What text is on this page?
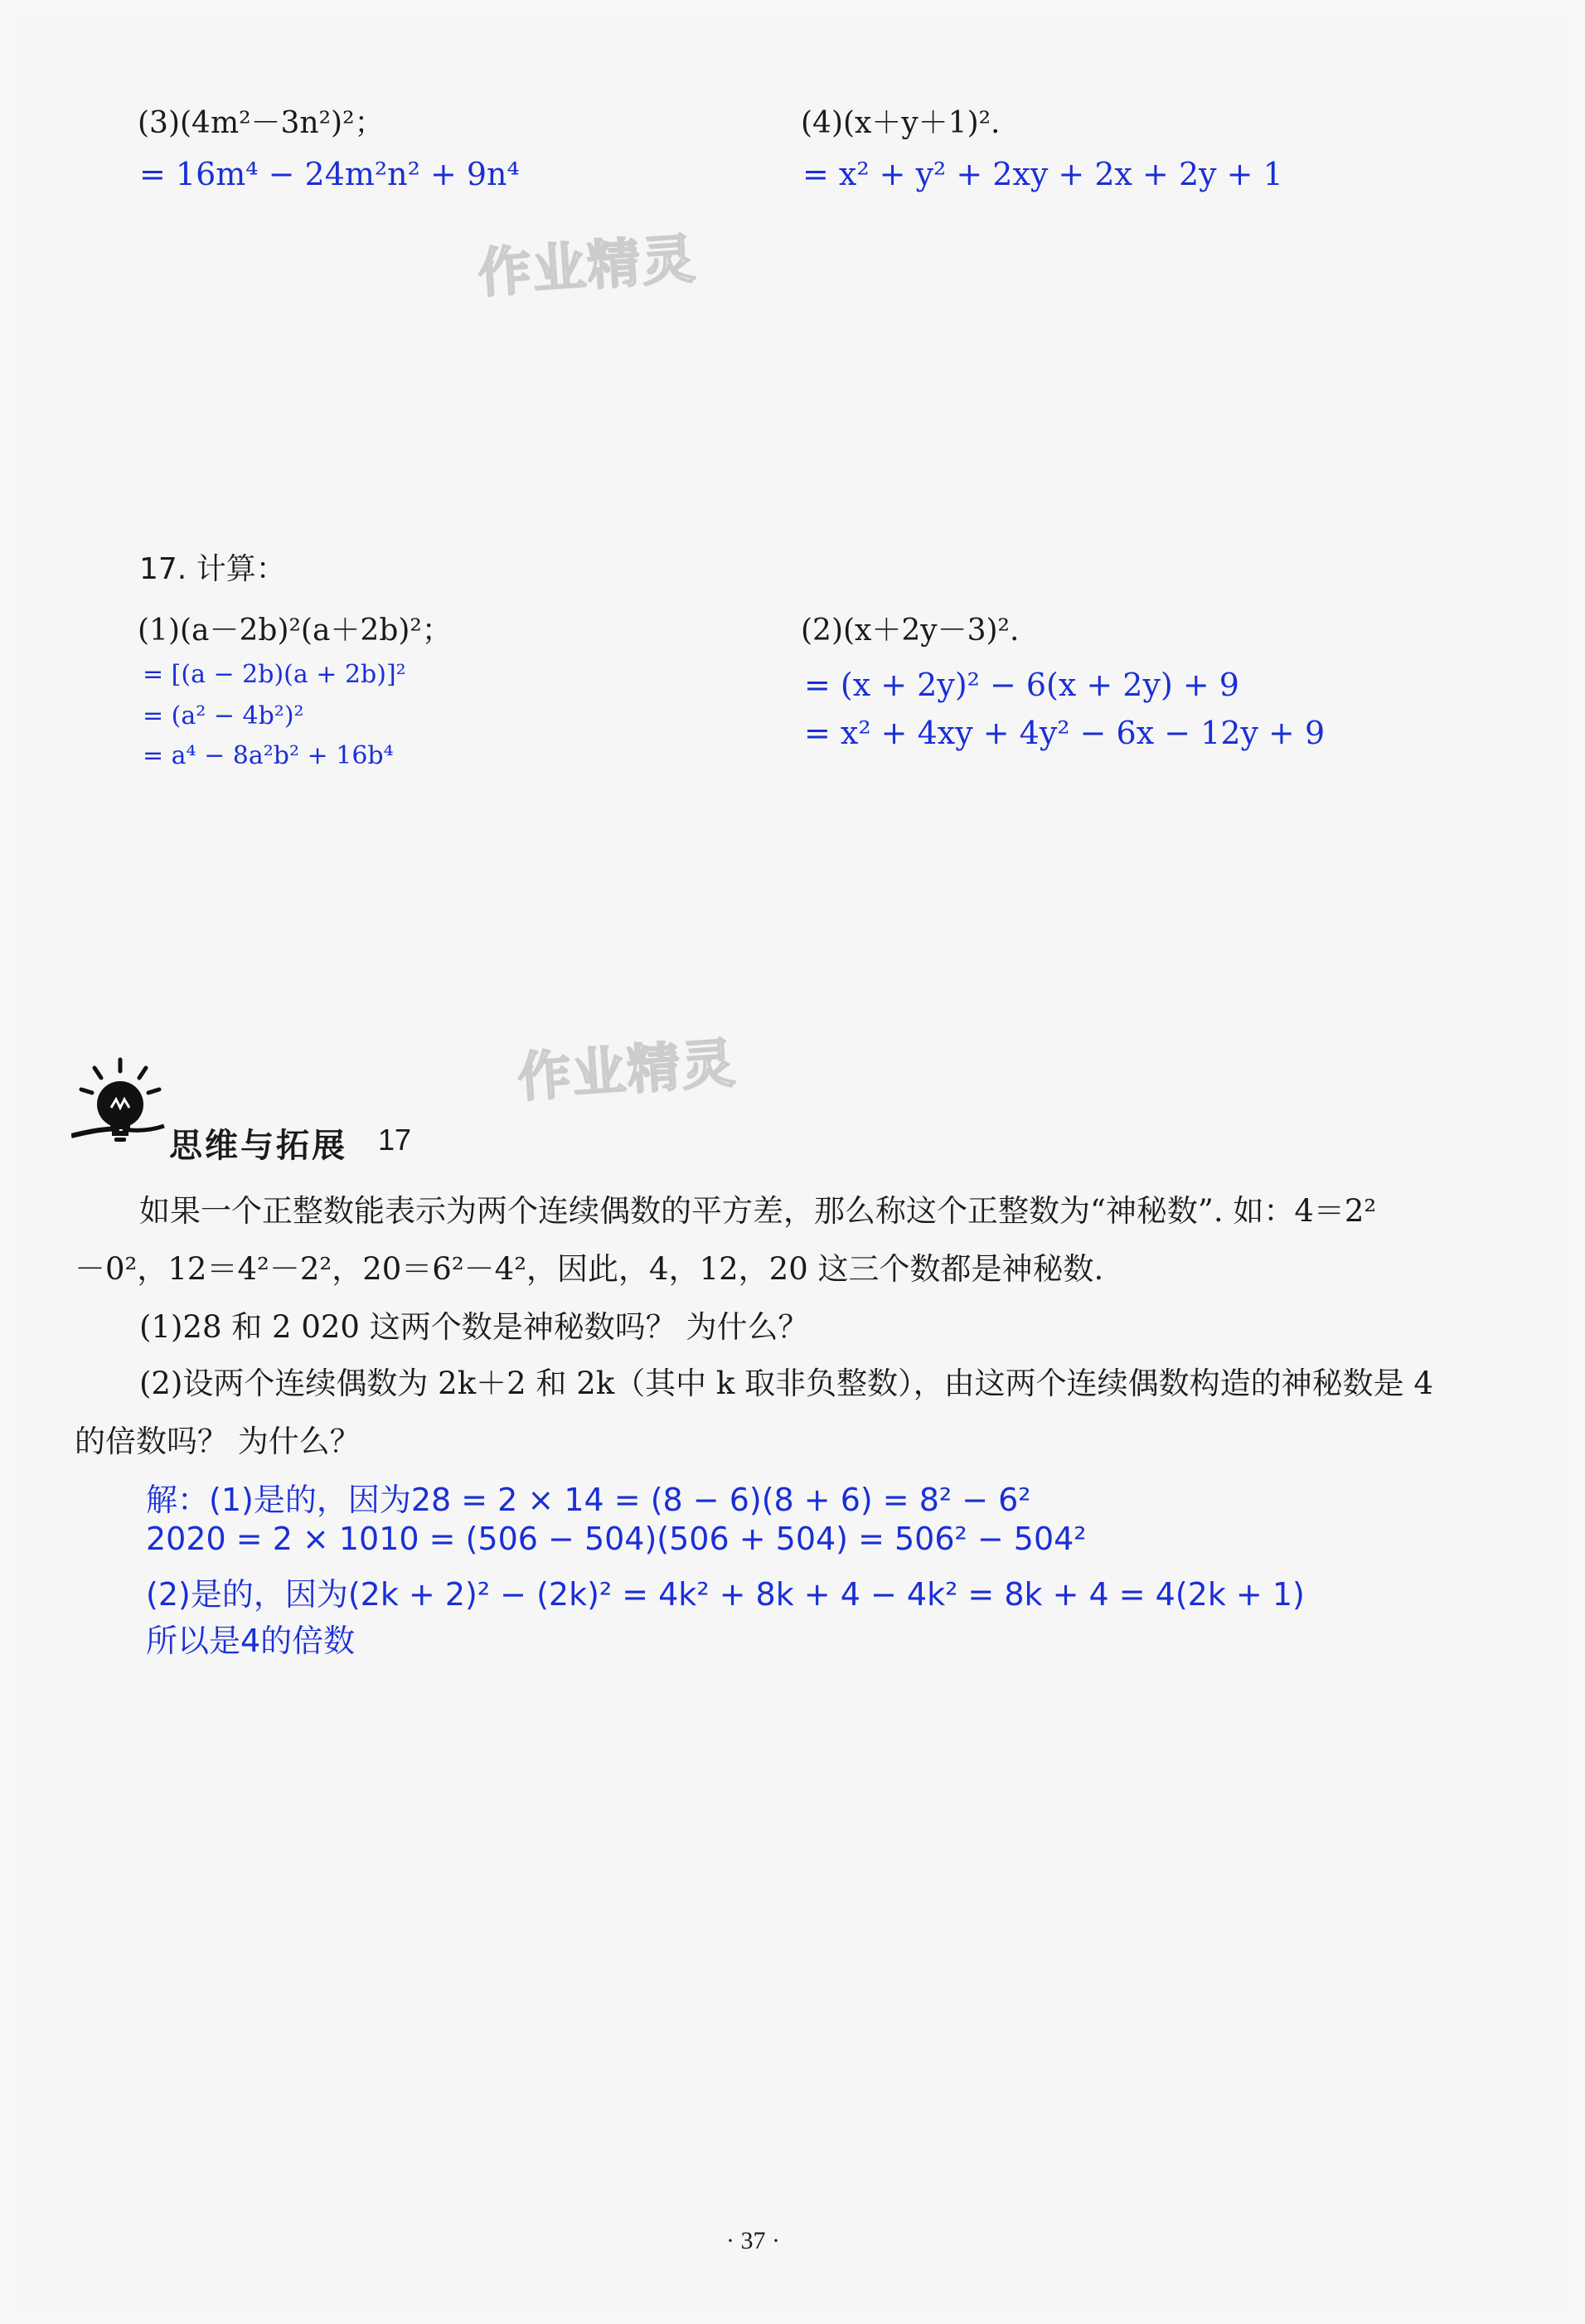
(3)(4m²－3n²)²；
= 16m⁴ − 24m²n² + 9n⁴
(4)(x＋y＋1)².
= x² + y² + 2xy + 2x + 2y + 1
作业精灵
17. 计算：
(1)(a－2b)²(a＋2b)²；
= [(a − 2b)(a + 2b)]²
= (a² − 4b²)²
= a⁴ − 8a²b² + 16b⁴
(2)(x＋2y－3)².
= (x + 2y)² − 6(x + 2y) + 9
= x² + 4xy + 4y² − 6x − 12y + 9
作业精灵
思维与拓展 17
如果一个正整数能表示为两个连续偶数的平方差，那么称这个正整数为“神秘数”. 如：4＝2²
－0²，12＝4²－2²，20＝6²－4²，因此，4，12，20 这三个数都是神秘数.
(1)28 和 2 020 这两个数是神秘数吗？ 为什么？
(2)设两个连续偶数为 2k＋2 和 2k（其中 k 取非负整数），由这两个连续偶数构造的神秘数是 4
的倍数吗？ 为什么？
解：(1)是的，因为28 = 2 × 14 = (8 − 6)(8 + 6) = 8² − 6²
2020 = 2 × 1010 = (506 − 504)(506 + 504) = 506² − 504²
(2)是的，因为(2k + 2)² − (2k)² = 4k² + 8k + 4 − 4k² = 8k + 4 = 4(2k + 1)
所以是4的倍数
· 37 ·
